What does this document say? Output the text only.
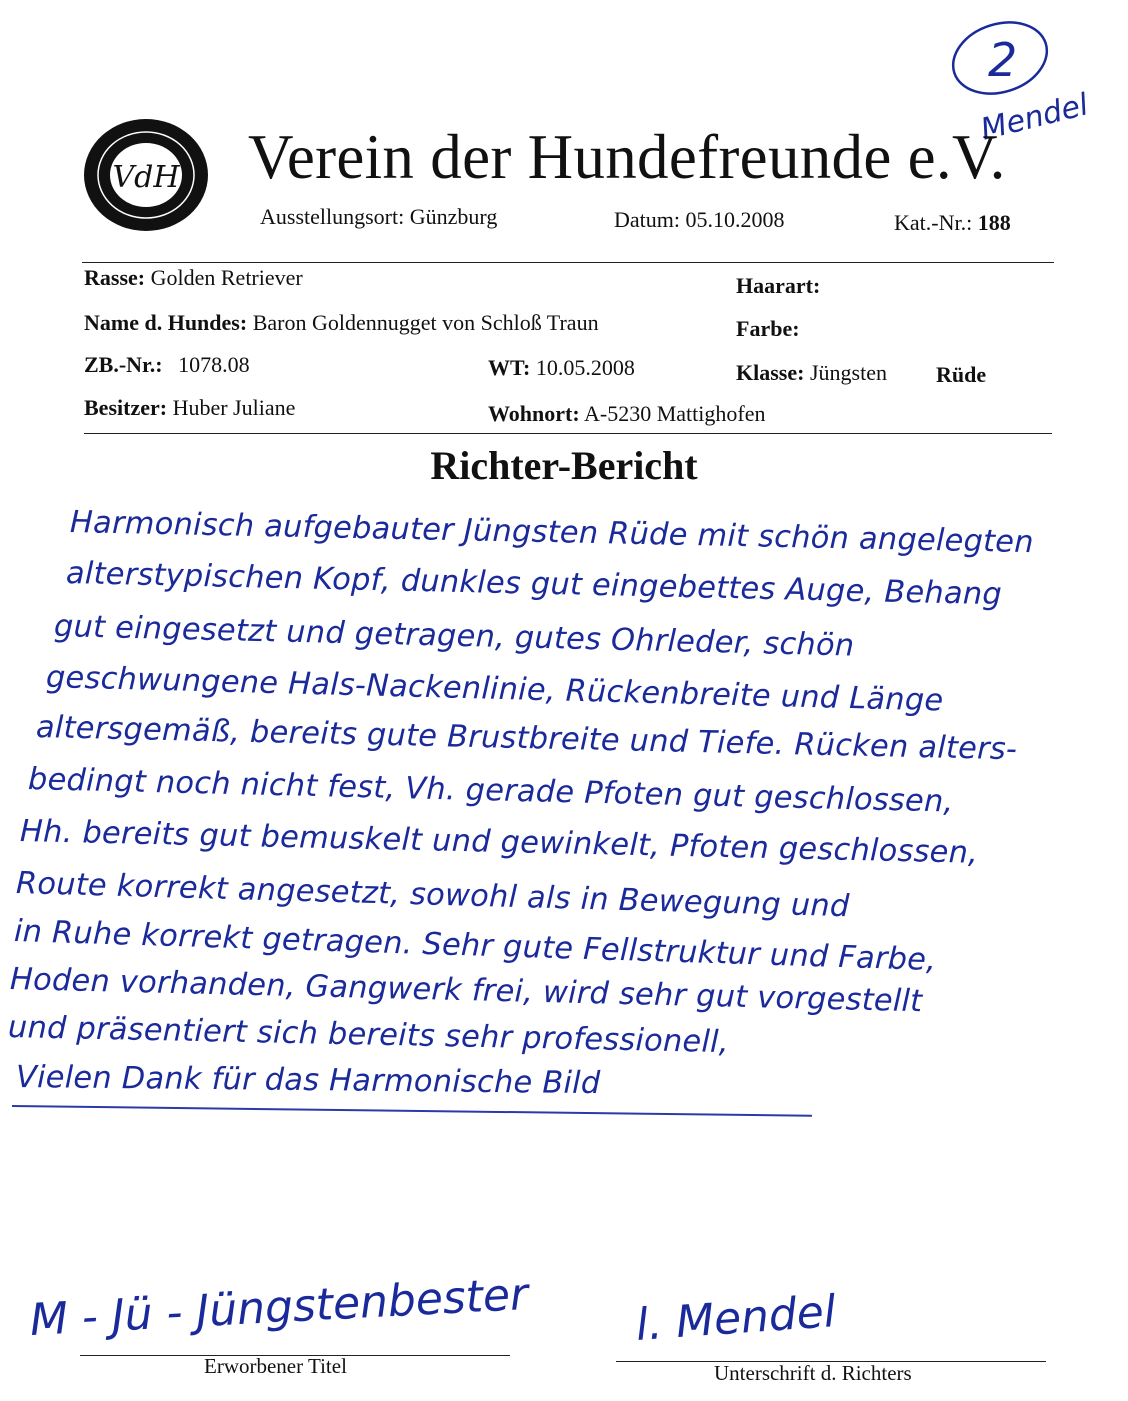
2
Mendel
VdH Verein der Hundefreunde e.V.
Ausstellungsort: Günzburg	Datum: 05.10.2008	Kat.-Nr.: 188
Rasse: Golden Retriever	Haarart:
Name d. Hundes: Baron Goldennugget von Schloß Traun	Farbe:
ZB.-Nr.: 1078.08	WT: 10.05.2008	Klasse: Jüngsten Rüde
Besitzer: Huber Juliane	Wohnort: A-5230 Mattighofen
Richter-Bericht
Harmonisch aufgebauter Jüngsten Rüde mit schön angelegten
alterstypischen Kopf, dunkles gut eingebettes Auge, Behang
gut eingesetzt und getragen, gutes Ohrleder, schön
geschwungene Hals-Nackenlinie, Rückenbreite und Länge
altersgemäß, bereits gute Brustbreite und Tiefe. Rücken alters-
bedingt noch nicht fest, Vh. gerade Pfoten gut geschlossen,
Hh. bereits gut bemuskelt und gewinkelt, Pfoten geschlossen,
Route korrekt angesetzt, sowohl als in Bewegung und
in Ruhe korrekt getragen. Sehr gute Fellstruktur und Farbe,
Hoden vorhanden, Gangwerk frei, wird sehr gut vorgestellt
und präsentiert sich bereits sehr professionell,
Vielen Dank für das Harmonische Bild
M - Jü - Jüngstenbester
Erworbener Titel
l. Mendel
Unterschrift d. Richters
